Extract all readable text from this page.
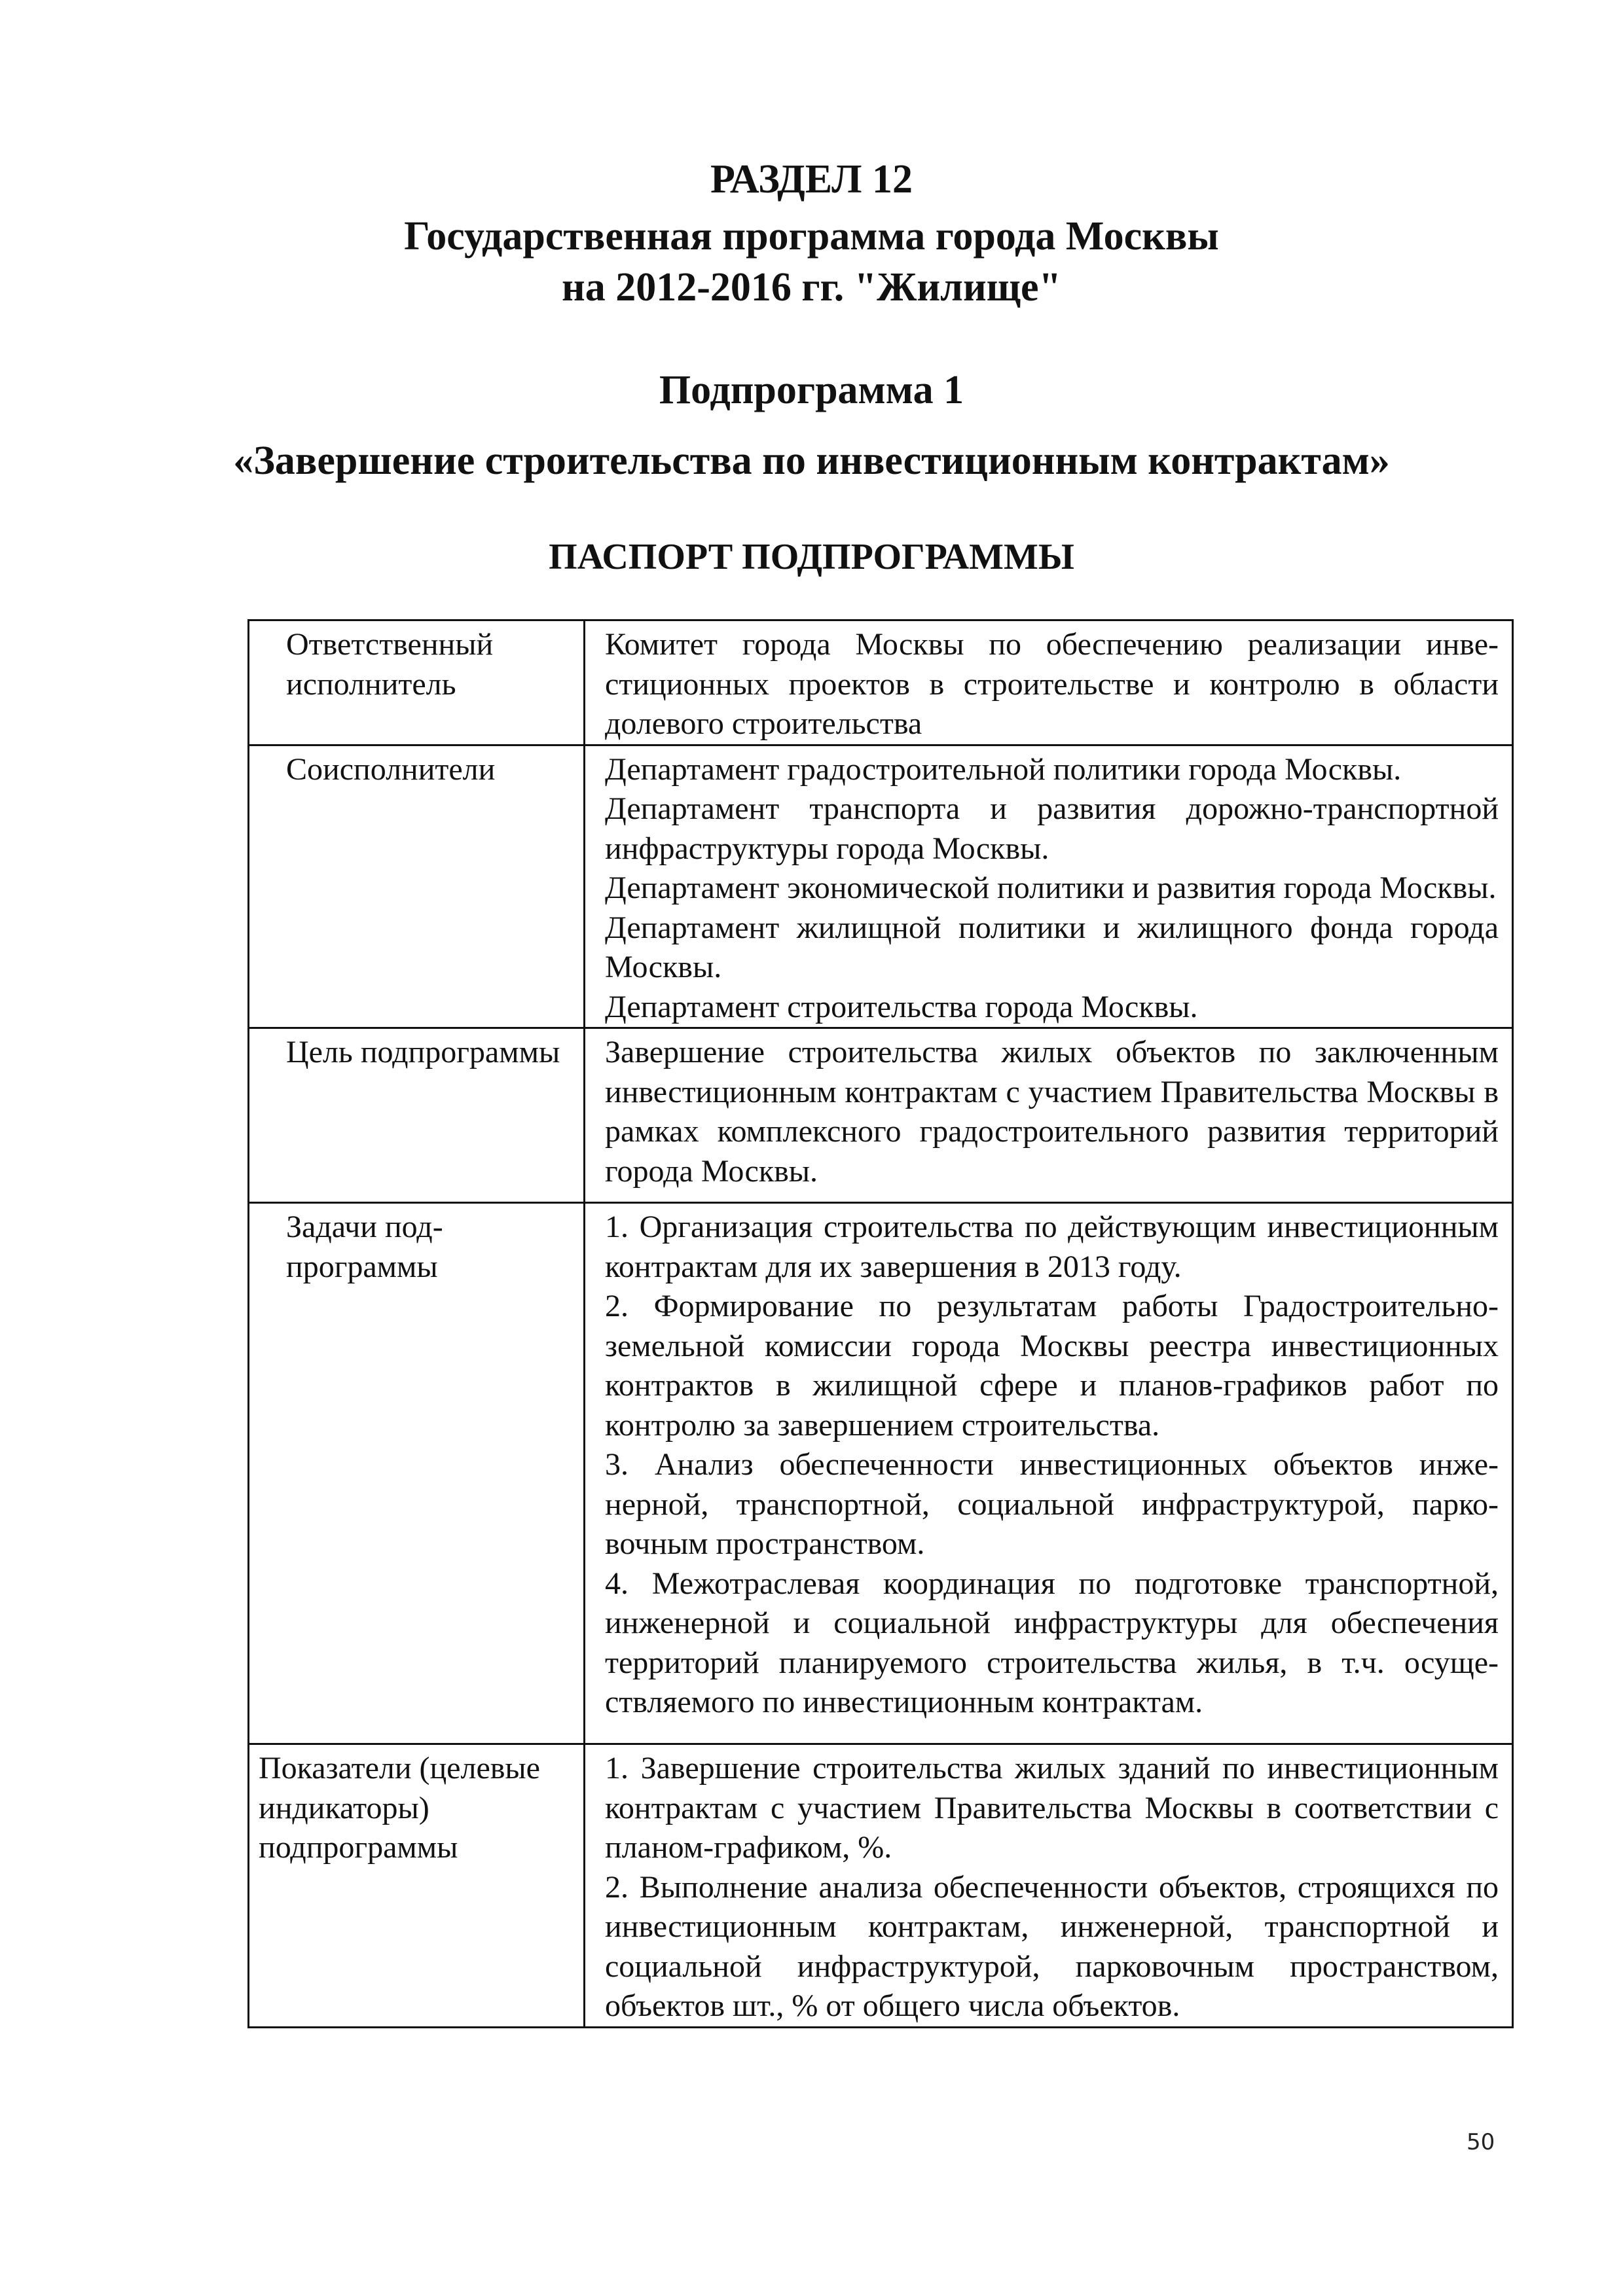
РАЗДЕЛ 12
Государственная программа города Москвы
на 2012-2016 гг. "Жилище"
Подпрограмма 1
«Завершение строительства по инвестиционным контрактам»
ПАСПОРТ ПОДПРОГРАММЫ
Ответственный исполнитель	Комитет города Москвы по обеспечению реализации инвестиционных проектов в строительстве и контролю в области долевого строительства
Соисполнители	Департамент градостроительной политики города Москвы.

Департамент транспорта и развития дорожно-транспортной инфраструктуры города Москвы.

Департамент экономической политики и развития города Москвы.

Департамент жилищной политики и жилищного фонда города Москвы.

Департамент строительства города Москвы.

Цель подпрограммы	Завершение строительства жилых объектов по заключенным инвестиционным контрактам с участием Правительства Москвы в рамках комплексного градостроительного развития территорий города Москвы.
Задачи подпрограммы	1. Организация строительства по действующим инвестиционным контрактам для их завершения в 2013 году.

2. Формирование по результатам работы Градостроительно-земельной комиссии города Москвы реестра инвестиционных контрактов в жилищной сфере и планов-графиков работ по контролю за завершением строительства.

3. Анализ обеспеченности инвестиционных объектов инженерной, транспортной, социальной инфраструктурой, парковочным пространством.

4. Межотраслевая координация по подготовке транспортной, инженерной и социальной инфраструктуры для обеспечения территорий планируемого строительства жилья, в т.ч. осуществляемого по инвестиционным контрактам.

Показатели (целевые индикаторы) подпрограммы	1. Завершение строительства жилых зданий по инвестиционным контрактам с участием Правительства Москвы в соответствии с планом-графиком, %.

2. Выполнение анализа обеспеченности объектов, строящихся по инвестиционным контрактам, инженерной, транспортной и социальной инфраструктурой, парковочным пространством, объектов шт., % от общего числа объектов.

50
